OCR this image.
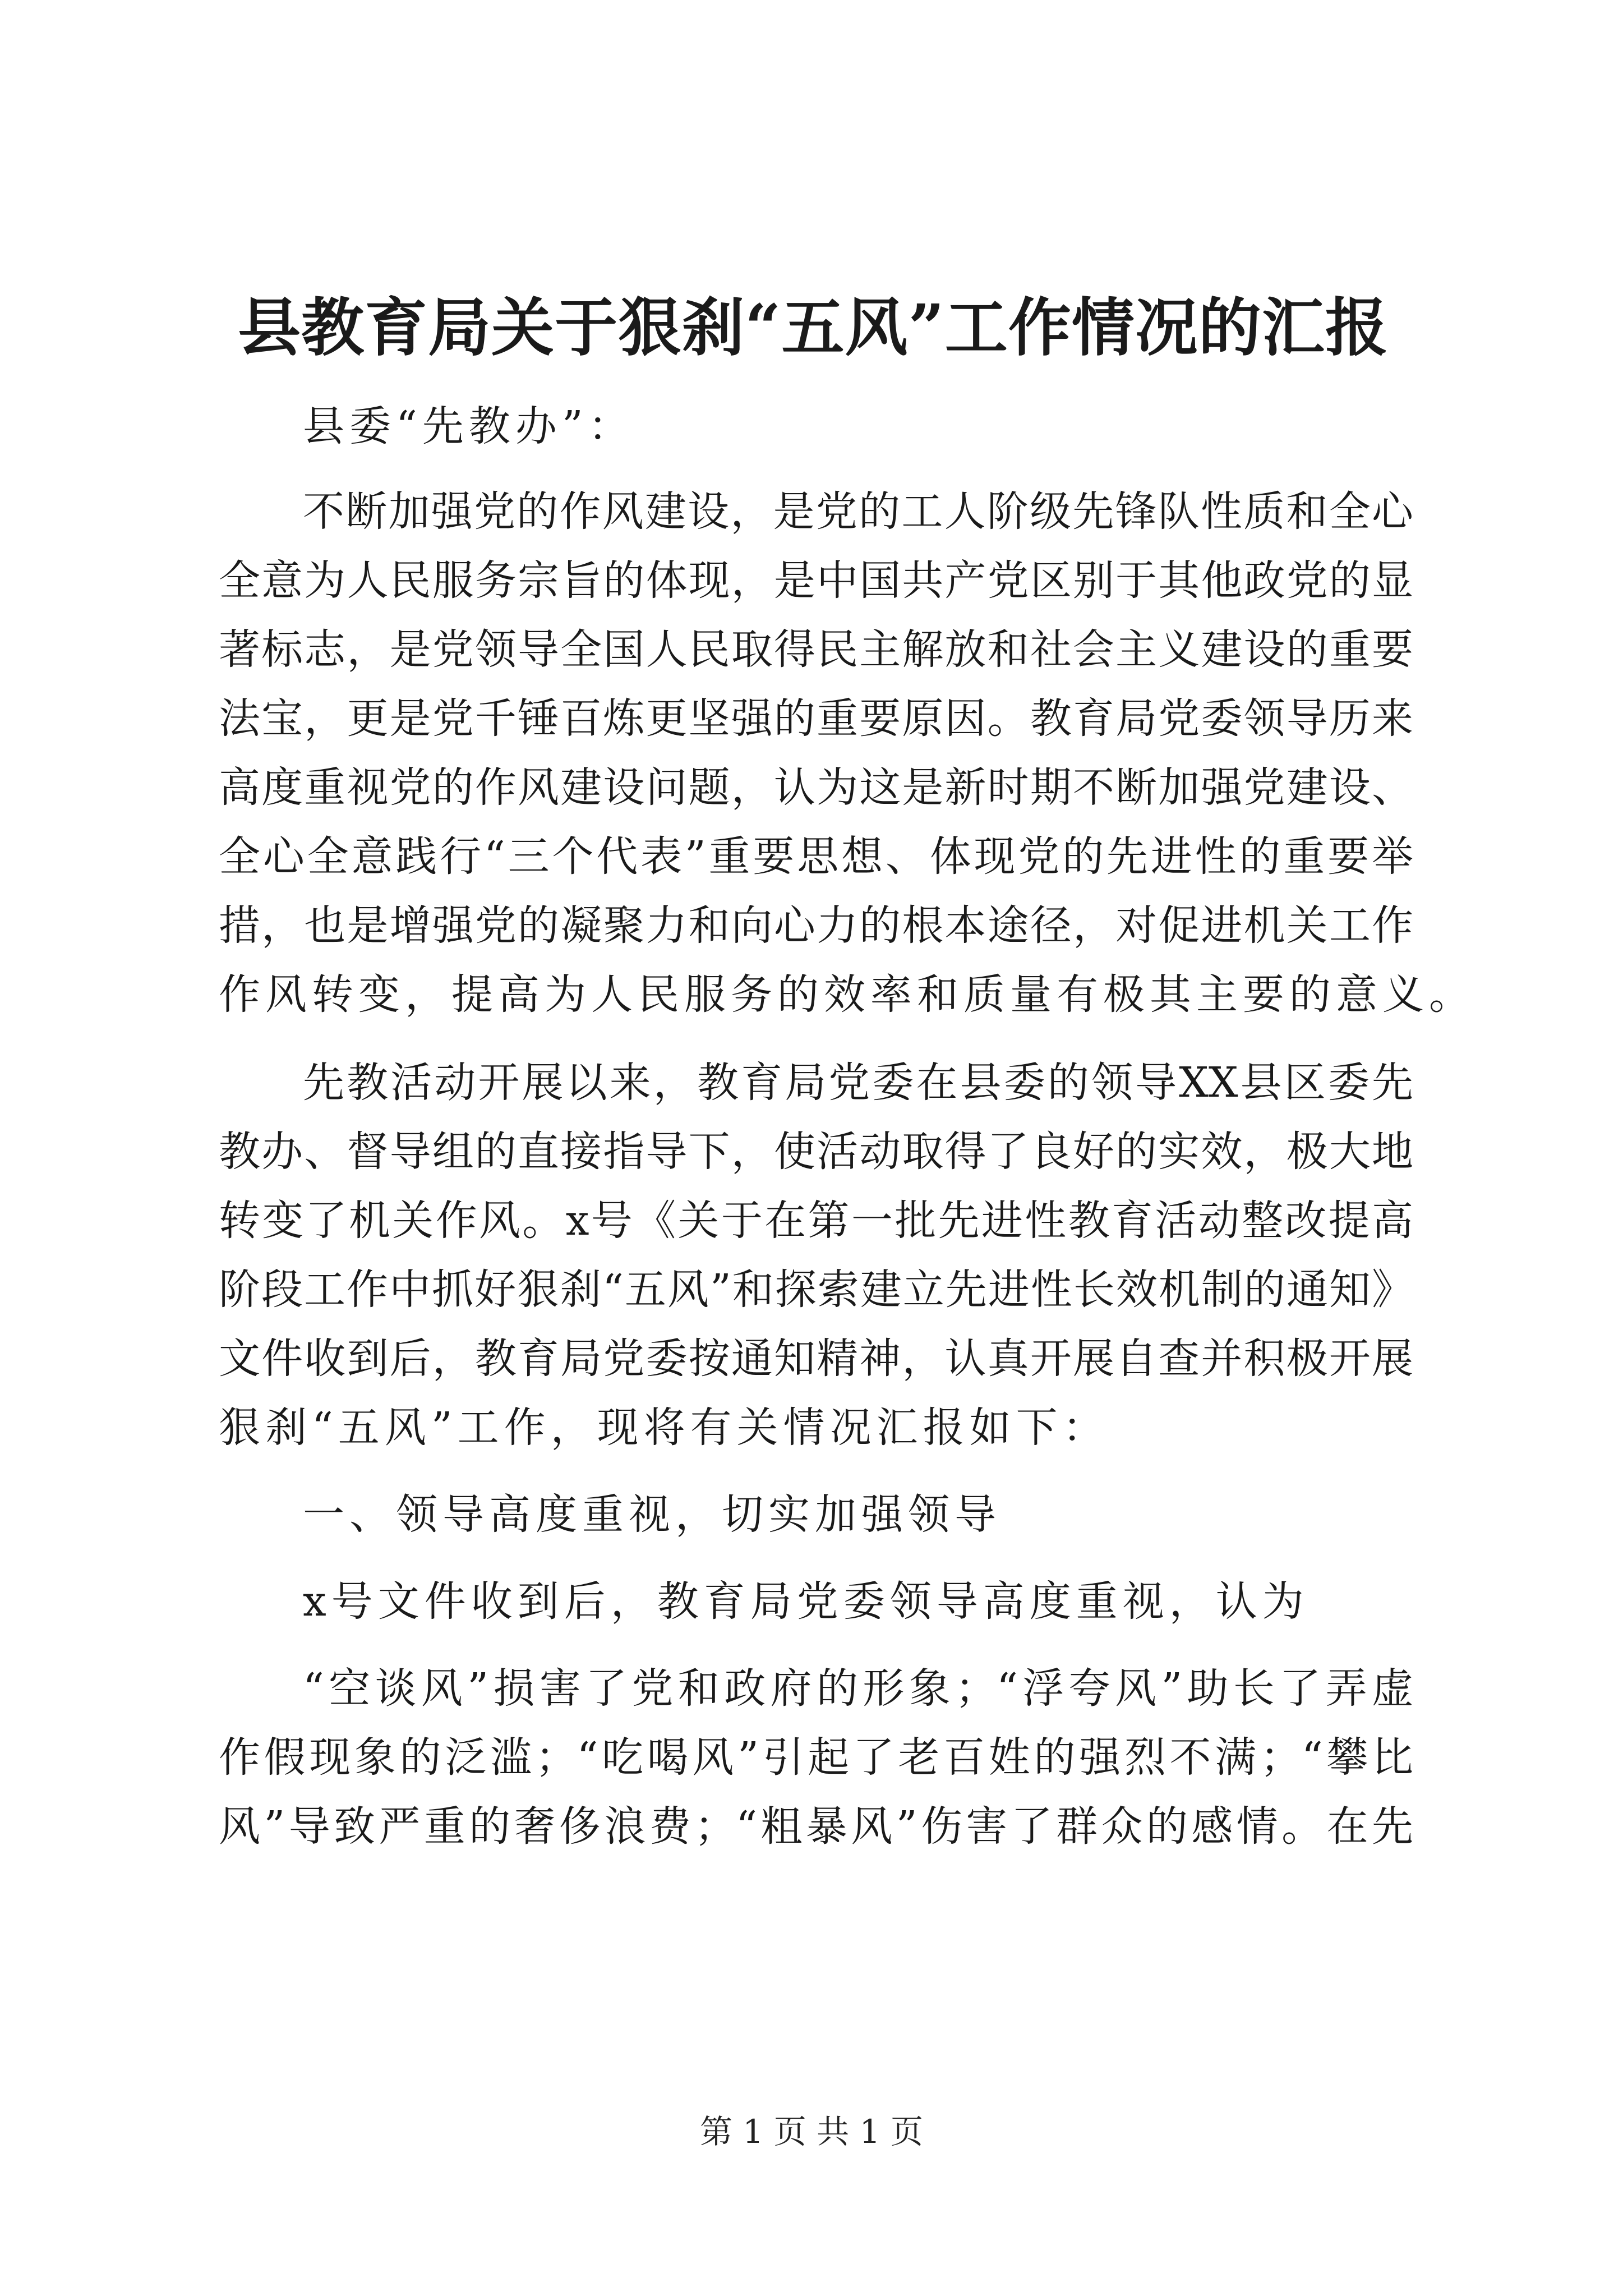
县教育局关于狠刹“五风”工作情况的汇报
县委“先教办”：
不断加强党的作风建设，是党的工人阶级先锋队性质和全心
全意为人民服务宗旨的体现，是中国共产党区别于其他政党的显
著标志，是党领导全国人民取得民主解放和社会主义建设的重要
法宝，更是党千锤百炼更坚强的重要原因。教育局党委领导历来
高度重视党的作风建设问题，认为这是新时期不断加强党建设、
全心全意践行“三个代表”重要思想、体现党的先进性的重要举
措，也是增强党的凝聚力和向心力的根本途径，对促进机关工作
作风转变，提高为人民服务的效率和质量有极其主要的意义。
先教活动开展以来，教育局党委在县委的领导XX县区委先
教办、督导组的直接指导下，使活动取得了良好的实效，极大地
转变了机关作风。x号《关于在第一批先进性教育活动整改提高
阶段工作中抓好狠刹“五风”和探索建立先进性长效机制的通知》
文件收到后，教育局党委按通知精神，认真开展自查并积极开展
狠刹“五风”工作，现将有关情况汇报如下：
一、领导高度重视，切实加强领导
x号文件收到后，教育局党委领导高度重视，认为
“空谈风”损害了党和政府的形象；“浮夸风”助长了弄虚
作假现象的泛滥；“吃喝风”引起了老百姓的强烈不满；“攀比
风”导致严重的奢侈浪费；“粗暴风”伤害了群众的感情。在先
第 1 页 共 1 页
